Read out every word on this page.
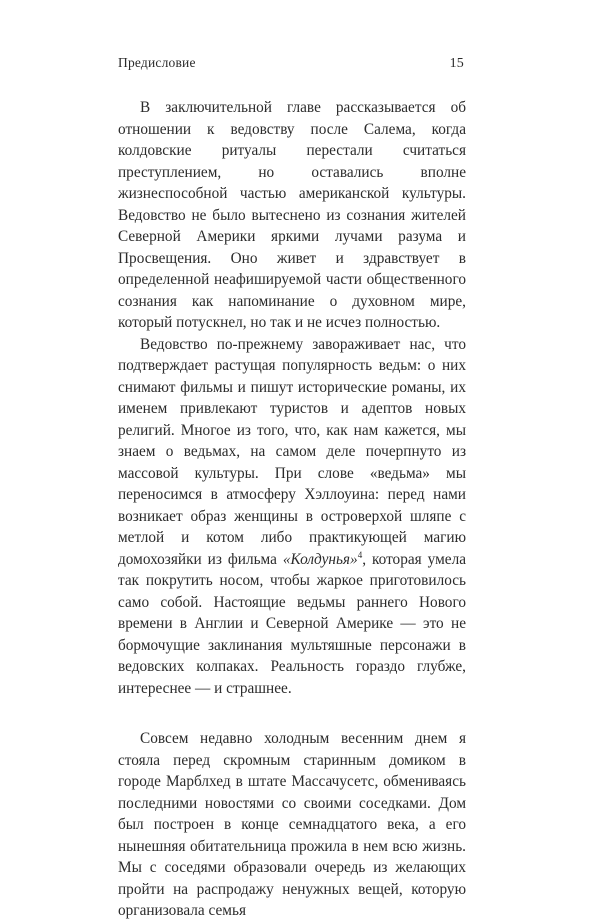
Предисловие	15

В заключительной главе рассказывается об отношении к ведовству после Салема, когда колдовские ритуалы перестали считаться преступлением, но оставались вполне жизнеспособной частью американской культуры. Ведовство не было вытеснено из сознания жителей Северной Америки яркими лучами разума и Просвещения. Оно живет и здравствует в определенной неафишируемой части общественного сознания как напоминание о духовном мире, который потускнел, но так и не исчез полностью.

Ведовство по-прежнему завораживает нас, что подтверждает растущая популярность ведьм: о них снимают фильмы и пишут исторические романы, их именем привлекают туристов и адептов новых религий. Многое из того, что, как нам кажется, мы знаем о ведьмах, на самом деле почерпнуто из массовой культуры. При слове «ведьма» мы переносимся в атмосферу Хэллоуина: перед нами возникает образ женщины в островерхой шляпе с метлой и котом либо практикующей магию домохозяйки из фильма «Колдунья»$^4$, которая умела так покрутить носом, чтобы жаркое приготовилось само собой. Настоящие ведьмы раннего Нового времени в Англии и Северной Америке — это не бормочущие заклинания мультяшные персонажи в ведовских колпаках. Реальность гораздо глубже, интереснее — и страшнее.

Совсем недавно холодным весенним днем я стояла перед скромным старинным домиком в городе Марблхед в штате Массачусетс, обмениваясь последними новостями со своими соседками. Дом был построен в конце семнадцатого века, а его нынешняя обитательница прожила в нем всю жизнь. Мы с соседями образовали очередь из желающих пройти на распродажу ненужных вещей, которую организовала семья
